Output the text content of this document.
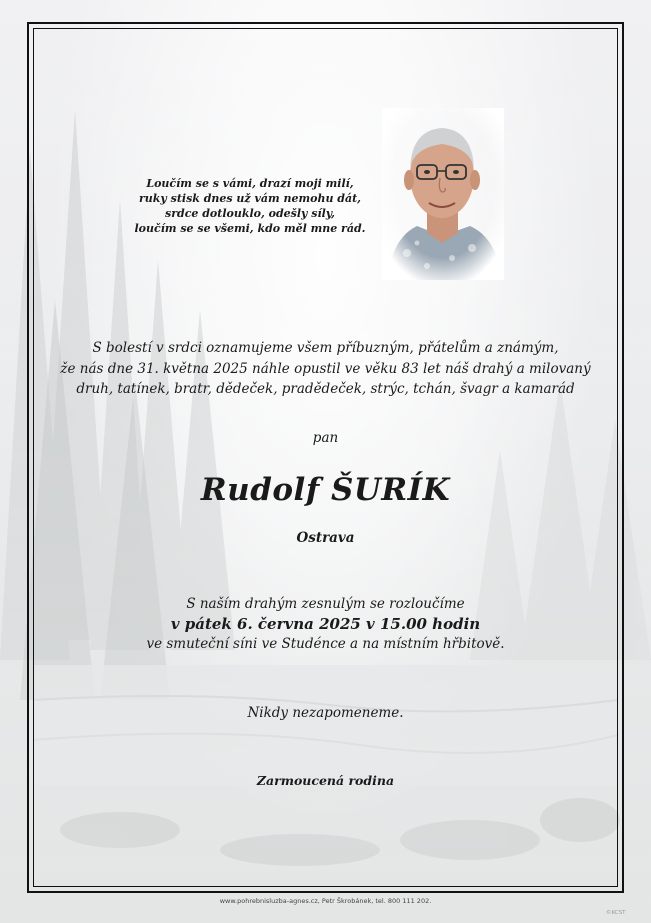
Loučím se s vámi, drazí moji milí,
ruky stisk dnes už vám nemohu dát,
srdce dotlouklo, odešly síly,
loučím se se všemi, kdo měl mne rád.
S bolestí v srdci oznamujeme všem příbuzným, přátelům a známým,
že nás dne 31. května 2025 náhle opustil ve věku 83 let náš drahý a milovaný
druh, tatínek, bratr, dědeček, pradědeček, strýc, tchán, švagr a kamarád
pan
Rudolf ŠURÍK
Ostrava
S naším drahým zesnulým se rozloučíme
v pátek 6. června 2025 v 15.00 hodin
ve smuteční síni ve Studénce a na místním hřbitově.
Nikdy nezapomeneme.
Zarmoucená rodina
www.pohrebnisluzba-agnes.cz, Petr Škrobánek, tel. 800 111 202.
©KCST
